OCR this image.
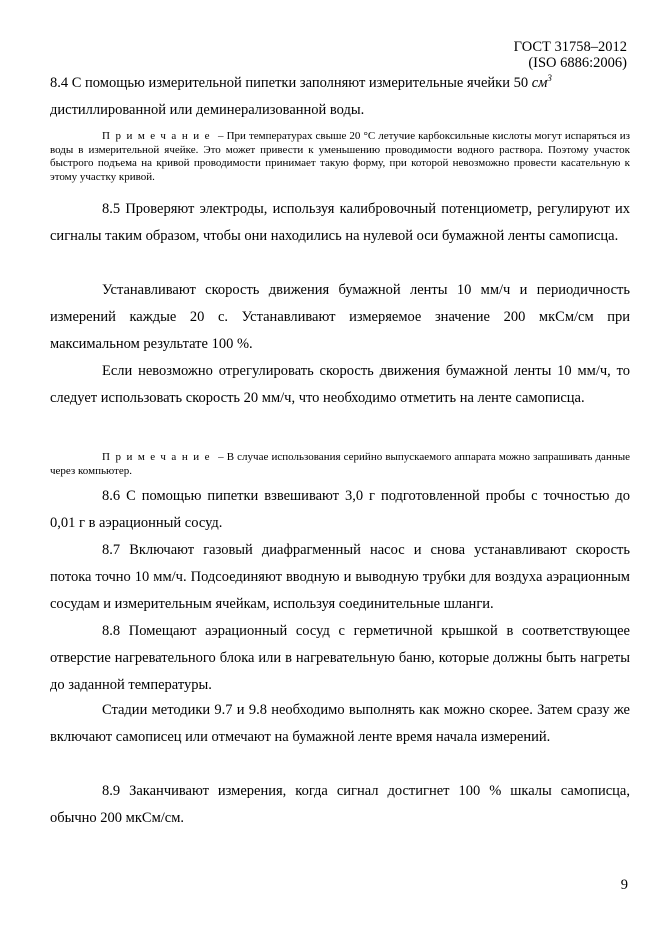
ГОСТ 31758–2012
(ISO 6886:2006)

8.4 С помощью измерительной пипетки заполняют измерительные ячейки 50 $см^3$
дистиллированной или деминерализованной воды.

Примечание – При температурах свыше 20 °С летучие карбоксильные кислоты могут испаряться из воды в измерительной ячейке. Это может привести к уменьшению проводимости водного раствора. Поэтому участок быстрого подъема на кривой проводимости принимает такую форму, при которой невозможно провести касательную к этому участку кривой.

8.5 Проверяют электроды, используя калибровочный потенциометр, регулируют их сигналы таким образом, чтобы они находились на нулевой оси бумажной ленты самописца.

Устанавливают скорость движения бумажной ленты 10 мм/ч и периодичность измерений каждые 20 с. Устанавливают измеряемое значение 200 мкСм/см при максимальном результате 100 %.

Если невозможно отрегулировать скорость движения бумажной ленты 10 мм/ч, то следует использовать скорость 20 мм/ч, что необходимо отметить на ленте самописца.

Примечание – В случае использования серийно выпускаемого аппарата можно запрашивать данные через компьютер.

8.6 С помощью пипетки взвешивают 3,0 г подготовленной пробы с точностью до 0,01 г в аэрационный сосуд.

8.7 Включают газовый диафрагменный насос и снова устанавливают скорость потока точно 10 мм/ч. Подсоединяют вводную и выводную трубки для воздуха аэрационным сосудам и измерительным ячейкам, используя соединительные шланги.

8.8 Помещают аэрационный сосуд с герметичной крышкой в соответствующее отверстие нагревательного блока или в нагревательную баню, которые должны быть нагреты до заданной температуры.

Стадии методики 9.7 и 9.8 необходимо выполнять как можно скорее. Затем сразу же включают самописец или отмечают на бумажной ленте время начала измерений.

8.9 Заканчивают измерения, когда сигнал достигнет 100 % шкалы самописца, обычно 200 мкСм/см.

9
